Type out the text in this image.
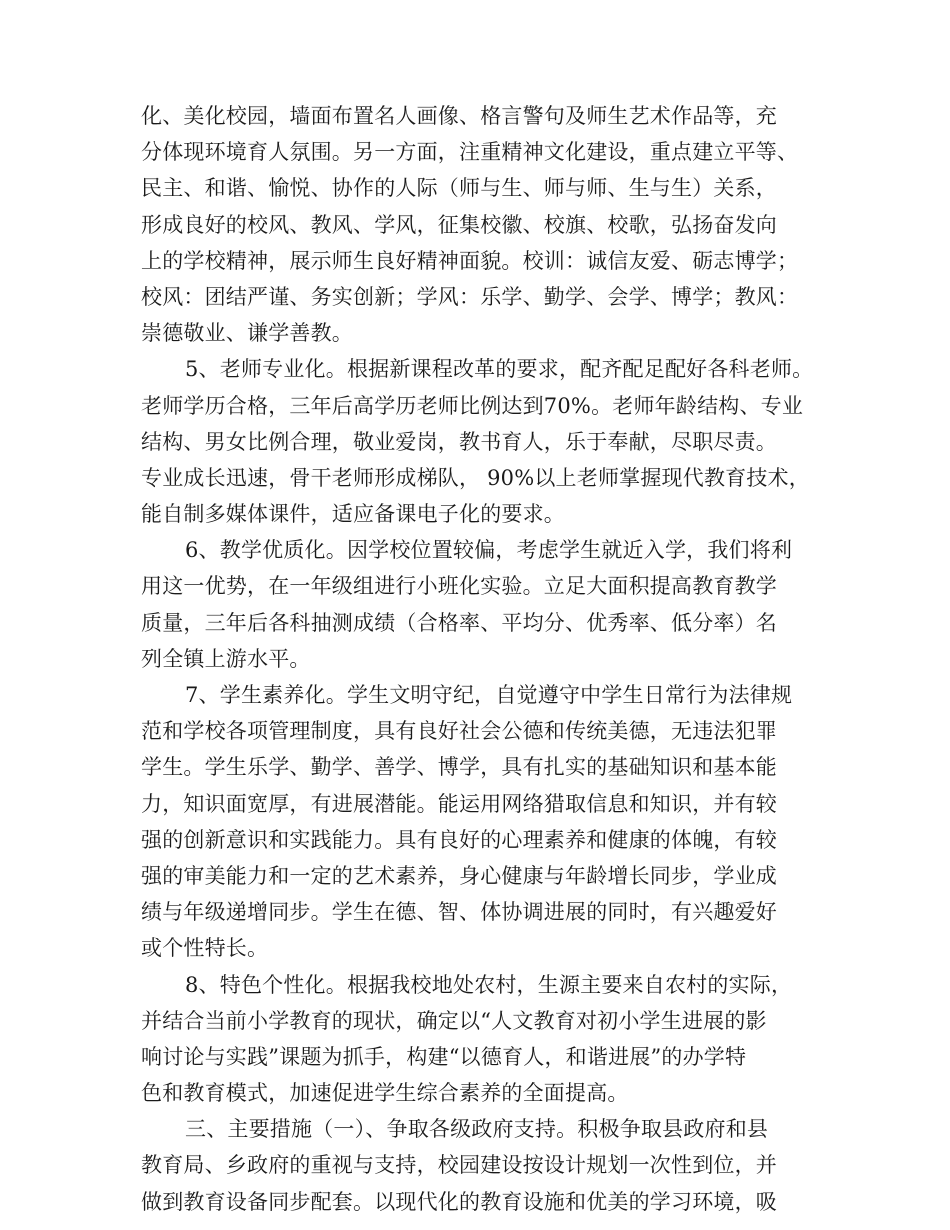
化、美化校园，墙面布置名人画像、格言警句及师生艺术作品等，充
分体现环境育人氛围。另一方面，注重精神文化建设，重点建立平等、
民主、和谐、愉悦、协作的人际（师与生、师与师、生与生）关系，
形成良好的校风、教风、学风，征集校徽、校旗、校歌，弘扬奋发向
上的学校精神，展示师生良好精神面貌。校训：诚信友爱、砺志博学；
校风：团结严谨、务实创新；学风：乐学、勤学、会学、博学；教风：
崇德敬业、谦学善教。
5、老师专业化。根据新课程改革的要求，配齐配足配好各科老师。
老师学历合格，三年后高学历老师比例达到70%。老师年龄结构、专业
结构、男女比例合理，敬业爱岗，教书育人，乐于奉献，尽职尽责。
专业成长迅速，骨干老师形成梯队， 90%以上老师掌握现代教育技术，
能自制多媒体课件，适应备课电子化的要求。
6、教学优质化。因学校位置较偏，考虑学生就近入学，我们将利
用这一优势，在一年级组进行小班化实验。立足大面积提高教育教学
质量，三年后各科抽测成绩（合格率、平均分、优秀率、低分率）名
列全镇上游水平。
7、学生素养化。学生文明守纪，自觉遵守中学生日常行为法律规
范和学校各项管理制度，具有良好社会公德和传统美德，无违法犯罪
学生。学生乐学、勤学、善学、博学，具有扎实的基础知识和基本能
力，知识面宽厚，有进展潜能。能运用网络猎取信息和知识，并有较
强的创新意识和实践能力。具有良好的心理素养和健康的体魄，有较
强的审美能力和一定的艺术素养，身心健康与年龄增长同步，学业成
绩与年级递增同步。学生在德、智、体协调进展的同时，有兴趣爱好
或个性特长。
8、特色个性化。根据我校地处农村，生源主要来自农村的实际，
并结合当前小学教育的现状，确定以“人文教育对初小学生进展的影
响讨论与实践”课题为抓手，构建“以德育人，和谐进展”的办学特
色和教育模式，加速促进学生综合素养的全面提高。
三、主要措施（一）、争取各级政府支持。积极争取县政府和县
教育局、乡政府的重视与支持，校园建设按设计规划一次性到位，并
做到教育设备同步配套。以现代化的教育设施和优美的学习环境，吸
